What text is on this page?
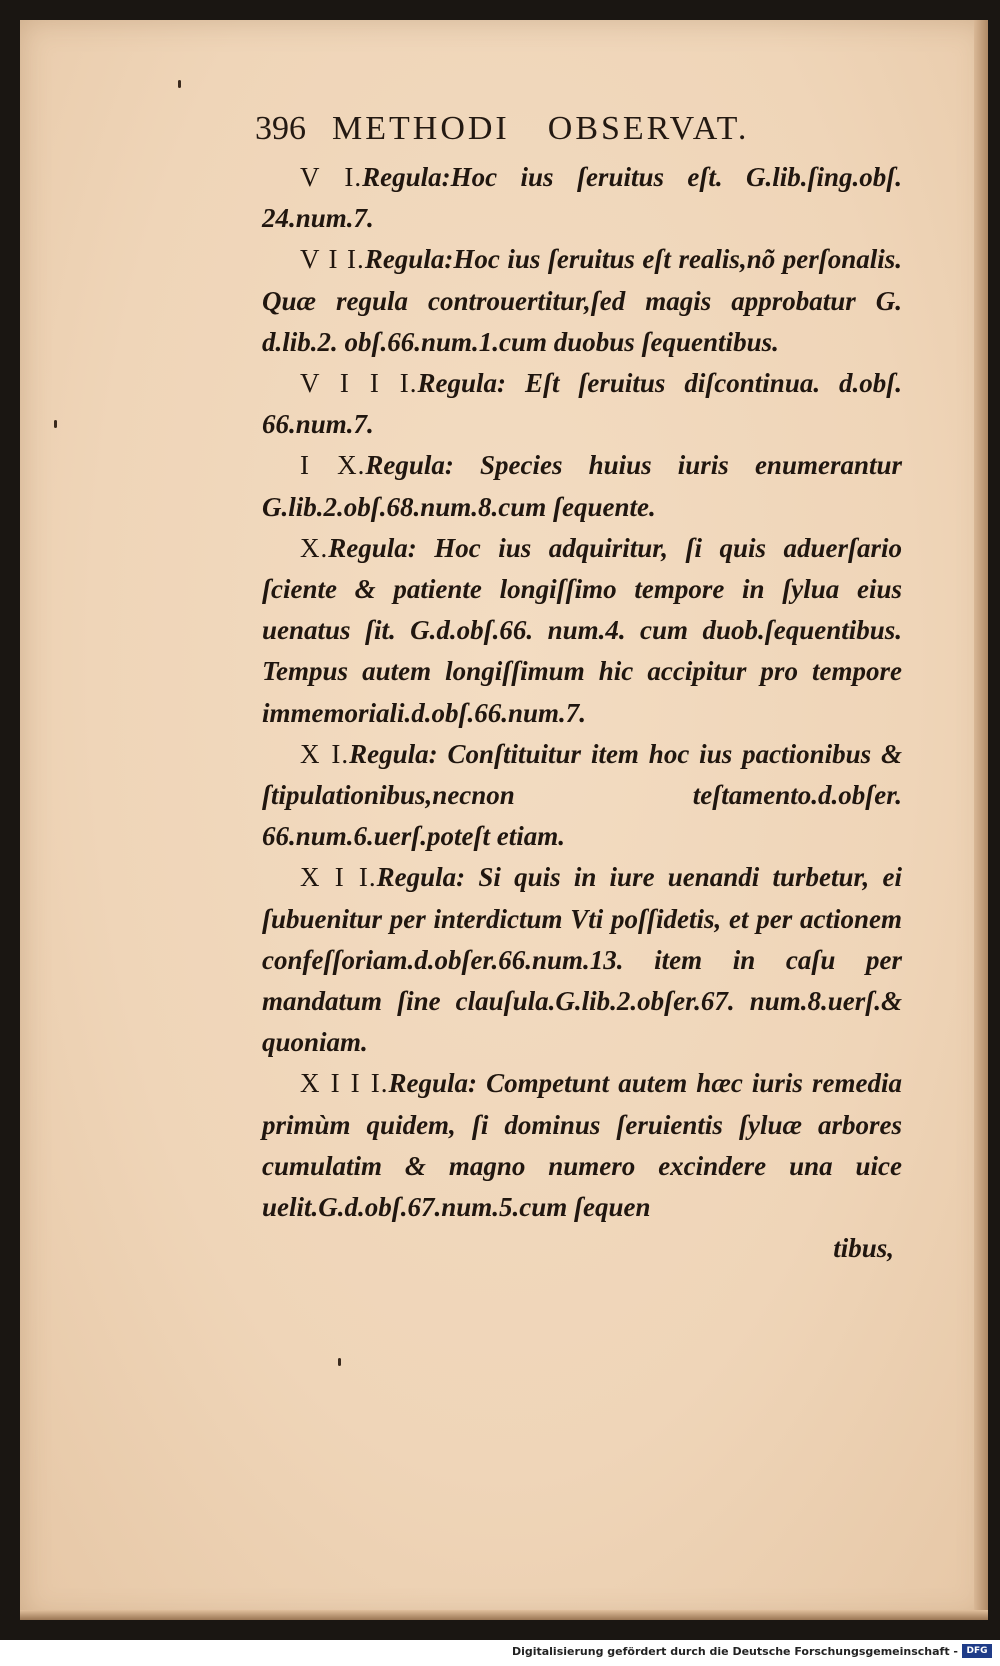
396 METHODI OBSERVAT.

V I.Regula:Hoc ius ſeruitus eſt. G.lib.ſing.obſ. 24.num.7.

V I I.Regula:Hoc ius ſeruitus eſt realis,nõ perſonalis. Quæ regula controuertitur,ſed magis approbatur G. d.lib.2. obſ.66.num.1.cum duobus ſequentibus.

V I I I.Regula: Eſt ſeruitus diſcontinua. d.obſ. 66.num.7.

I X.Regula: Species huius iuris enumerantur G.lib.2.obſ.68.num.8.cum ſequente.

X.Regula: Hoc ius adquiritur, ſi quis aduerſario ſciente & patiente longiſſimo tempore in ſylua eius uenatus ſit. G.d.obſ.66. num.4. cum duob.ſequentibus. Tempus autem longiſſimum hic accipitur pro tempore immemoriali.d.obſ.66.num.7.

X I.Regula: Conſtituitur item hoc ius pactionibus & ſtipulationibus,necnon teſtamento.d.obſer. 66.num.6.uerſ.poteſt etiam.

X I I.Regula: Si quis in iure uenandi turbetur, ei ſubuenitur per interdictum Vti poſſidetis, et per actionem confeſſoriam.d.obſer.66.num.13. item in caſu per mandatum ſine clauſula.G.lib.2.obſer.67. num.8.uerſ.& quoniam.

X I I I.Regula: Competunt autem hæc iuris remedia primùm quidem, ſi dominus ſeruientis ſyluæ arbores cumulatim & magno numero excindere una uice uelit.G.d.obſ.67.num.5.cum ſequen

tibus,

Digitalisierung gefördert durch die Deutsche Forschungsgemeinschaft - DFG
